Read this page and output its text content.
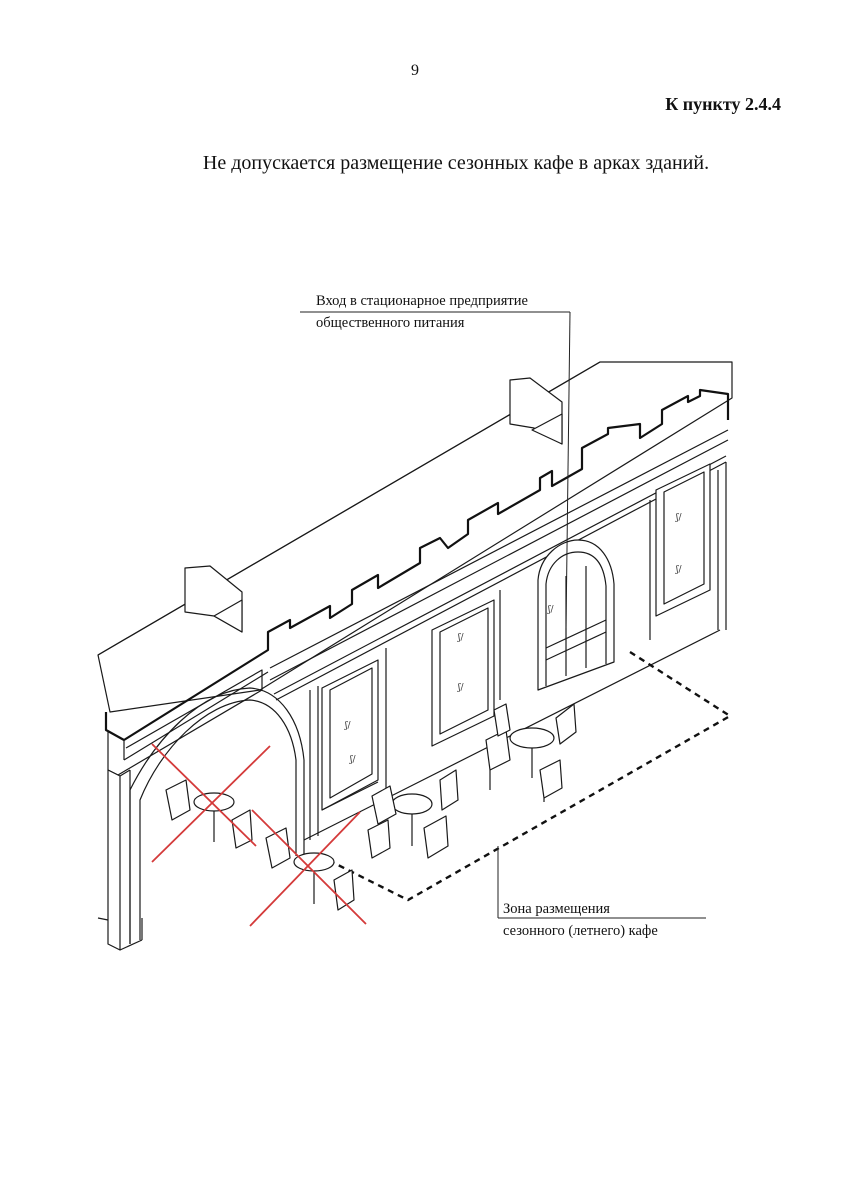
9
К пункту 2.4.4
Не допускается размещение сезонных кафе в арках зданий.
ʃ/
ʃ/
ʃ/
ʃ/
ʃ/
ʃ/
ʃ/
Вход в стационарное предприятие
общественного питания
Зона размещения
сезонного (летнего) кафе
